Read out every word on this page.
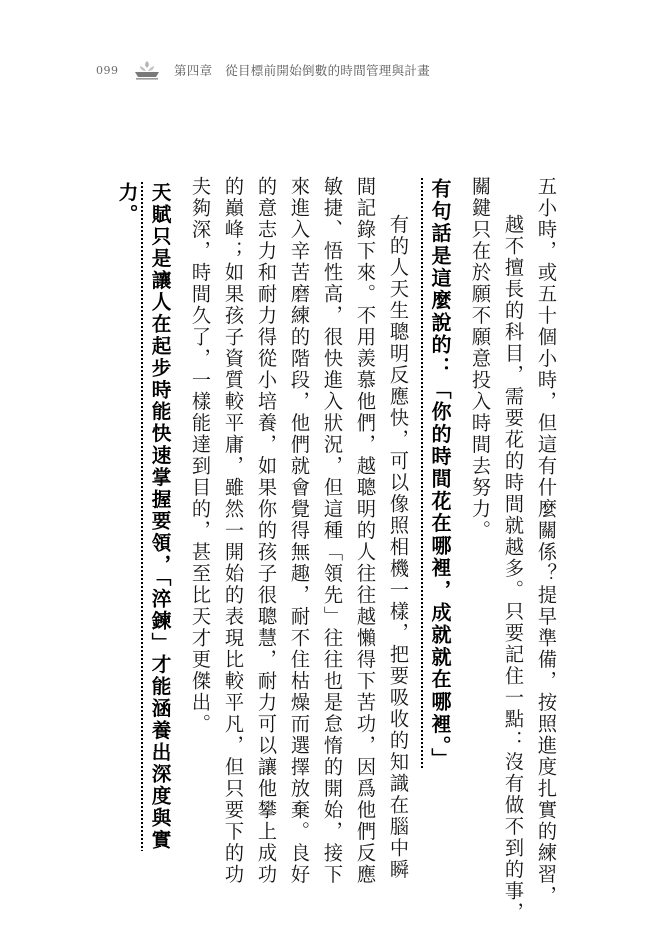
099	第四章　從目標前開始倒數的時間管理與計畫
五小時，或五十個小時，但這有什麼關係？提早準備，按照進度扎實的練習，
越不擅長的科目，需要花的時間就越多。只要記住一點：沒有做不到的事，
關鍵只在於願不願意投入時間去努力。
有句話是這麼說的：「你的時間花在哪裡，成就就在哪裡。」
有的人天生聰明反應快，可以像照相機一樣，把要吸收的知識在腦中瞬
間記錄下來。不用羨慕他們，越聰明的人往往越懶得下苦功，因爲他們反應
敏捷、悟性高，很快進入狀況，但這種「領先」往往也是怠惰的開始，接下
來進入辛苦磨練的階段，他們就會覺得無趣，耐不住枯燥而選擇放棄。良好
的意志力和耐力得從小培養，如果你的孩子很聰慧，耐力可以讓他攀上成功
的巔峰；如果孩子資質較平庸，雖然一開始的表現比較平凡，但只要下的功
夫夠深，時間久了，一樣能達到目的，甚至比天才更傑出。
天賦只是讓人在起步時能快速掌握要領，「淬鍊」才能涵養出深度與實
力。
